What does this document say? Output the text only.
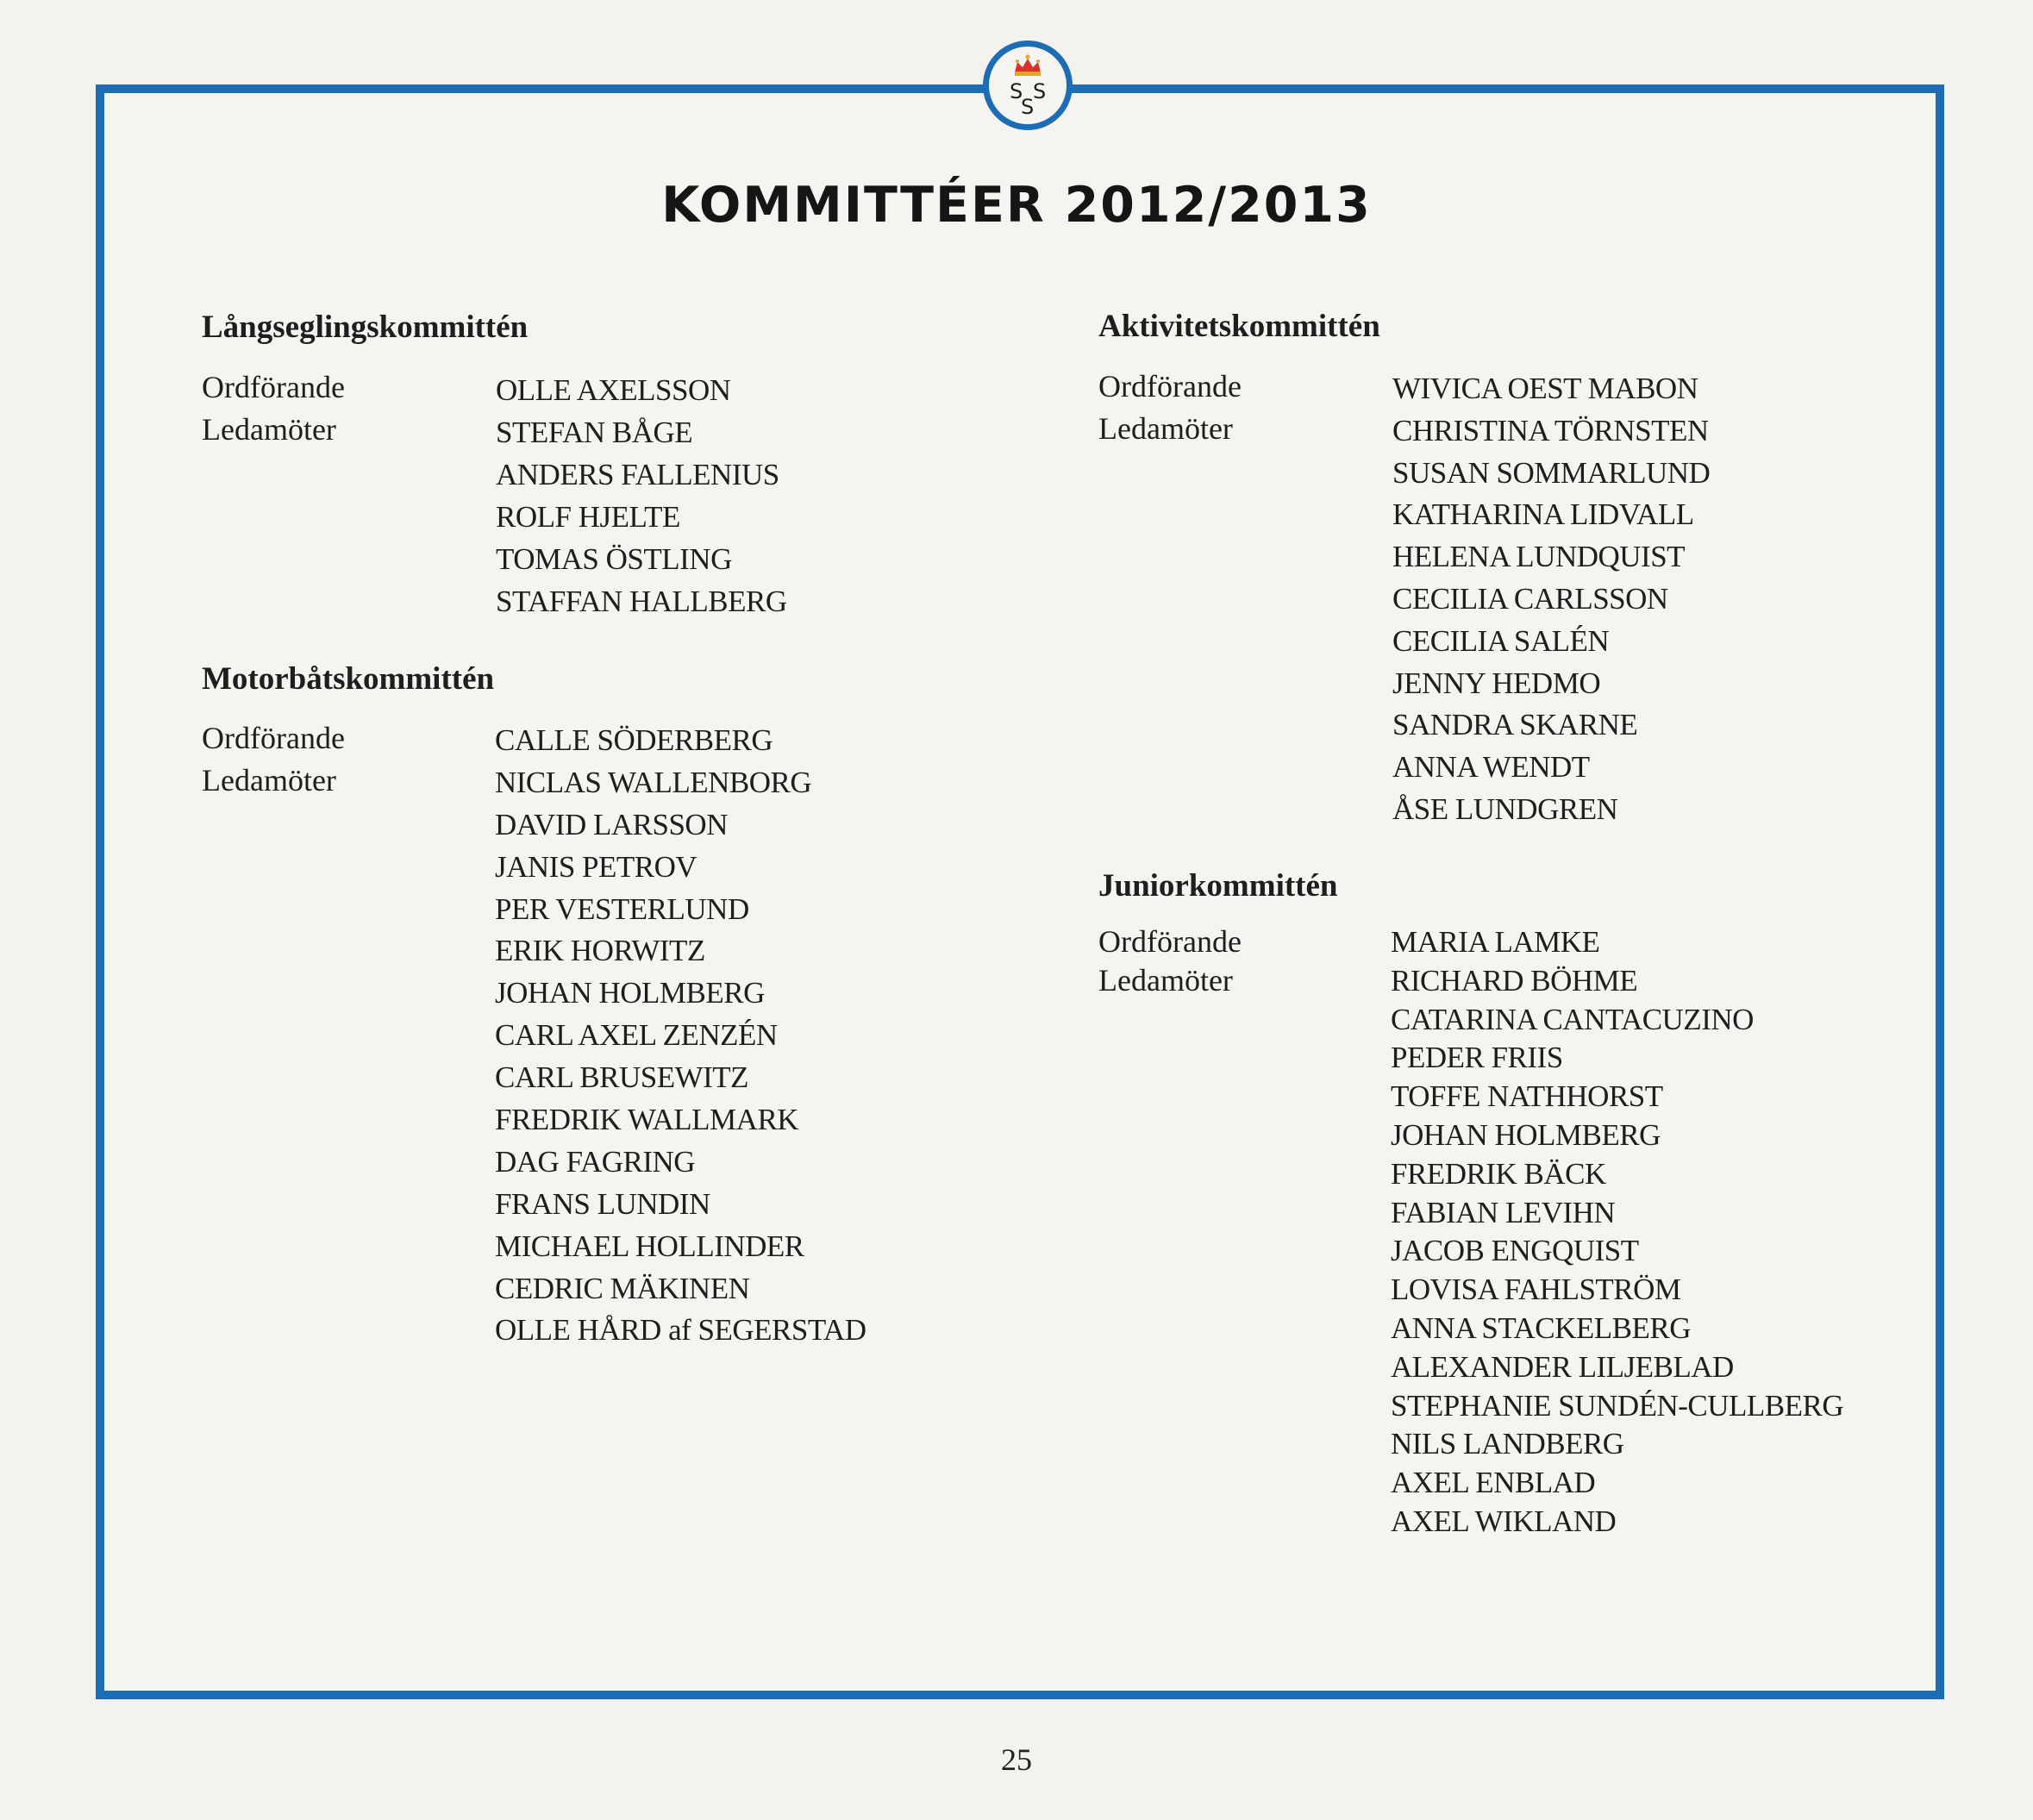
S S
S
KOMMITTÉER 2012/2013
Långseglingskommittén
Ordförande
Ledamöter
OLLE AXELSSON
STEFAN BÅGE
ANDERS FALLENIUS
ROLF HJELTE
TOMAS ÖSTLING
STAFFAN HALLBERG
Motorbåtskommittén
Ordförande
Ledamöter
CALLE SÖDERBERG
NICLAS WALLENBORG
DAVID LARSSON
JANIS PETROV
PER VESTERLUND
ERIK HORWITZ
JOHAN HOLMBERG
CARL AXEL ZENZÉN
CARL BRUSEWITZ
FREDRIK WALLMARK
DAG FAGRING
FRANS LUNDIN
MICHAEL HOLLINDER
CEDRIC MÄKINEN
OLLE HÅRD af SEGERSTAD
Aktivitetskommittén
Ordförande
Ledamöter
WIVICA OEST MABON
CHRISTINA TÖRNSTEN
SUSAN SOMMARLUND
KATHARINA LIDVALL
HELENA LUNDQUIST
CECILIA CARLSSON
CECILIA SALÉN
JENNY HEDMO
SANDRA SKARNE
ANNA WENDT
ÅSE LUNDGREN
Juniorkommittén
Ordförande
Ledamöter
MARIA LAMKE
RICHARD BÖHME
CATARINA CANTACUZINO
PEDER FRIIS
TOFFE NATHHORST
JOHAN HOLMBERG
FREDRIK BÄCK
FABIAN LEVIHN
JACOB ENGQUIST
LOVISA FAHLSTRÖM
ANNA STACKELBERG
ALEXANDER LILJEBLAD
STEPHANIE SUNDÉN-CULLBERG
NILS LANDBERG
AXEL ENBLAD
AXEL WIKLAND
25
